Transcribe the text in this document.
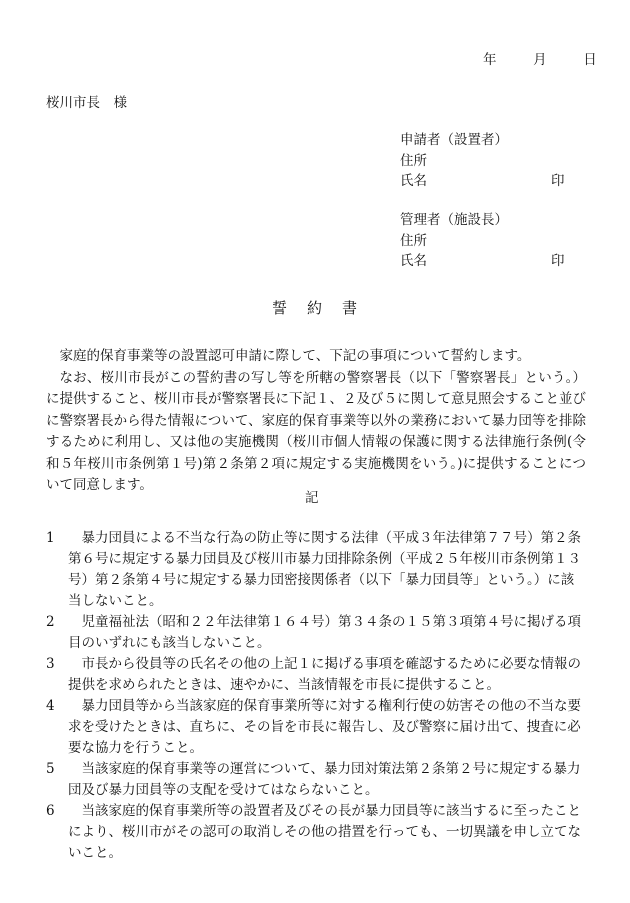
年	月	日
桜川市長　様
申請者（設置者）
住所
氏名	印
管理者（施設長）
住所
氏名	印
誓約書

家庭的保育事業等の設置認可申請に際して、下記の事項について誓約します。

なお、桜川市長がこの誓約書の写し等を所轄の警察署長（以下「警察署長」という。）に提供すること、桜川市長が警察署長に下記１、２及び５に関して意見照会すること並びに警察署長から得た情報について、家庭的保育事業等以外の業務において暴力団等を排除するために利用し、又は他の実施機関（桜川市個人情報の保護に関する法律施行条例(令和５年桜川市条例第１号)第２条第２項に規定する実施機関をいう。)に提供することについて同意します。

記
1	暴力団員による不当な行為の防止等に関する法律（平成３年法律第７７号）第２条第６号に規定する暴力団員及び桜川市暴力団排除条例（平成２５年桜川市条例第１３号）第２条第４号に規定する暴力団密接関係者（以下「暴力団員等」という。）に該当しないこと。
2	児童福祉法（昭和２２年法律第１６４号）第３４条の１５第３項第４号に掲げる項目のいずれにも該当しないこと。
3	市長から役員等の氏名その他の上記１に掲げる事項を確認するために必要な情報の提供を求められたときは、速やかに、当該情報を市長に提供すること。
4	暴力団員等から当該家庭的保育事業所等に対する権利行使の妨害その他の不当な要求を受けたときは、直ちに、その旨を市長に報告し、及び警察に届け出て、捜査に必要な協力を行うこと。
5	当該家庭的保育事業等の運営について、暴力団対策法第２条第２号に規定する暴力団及び暴力団員等の支配を受けてはならないこと。
6	当該家庭的保育事業所等の設置者及びその長が暴力団員等に該当するに至ったことにより、桜川市がその認可の取消しその他の措置を行っても、一切異議を申し立てないこと。
